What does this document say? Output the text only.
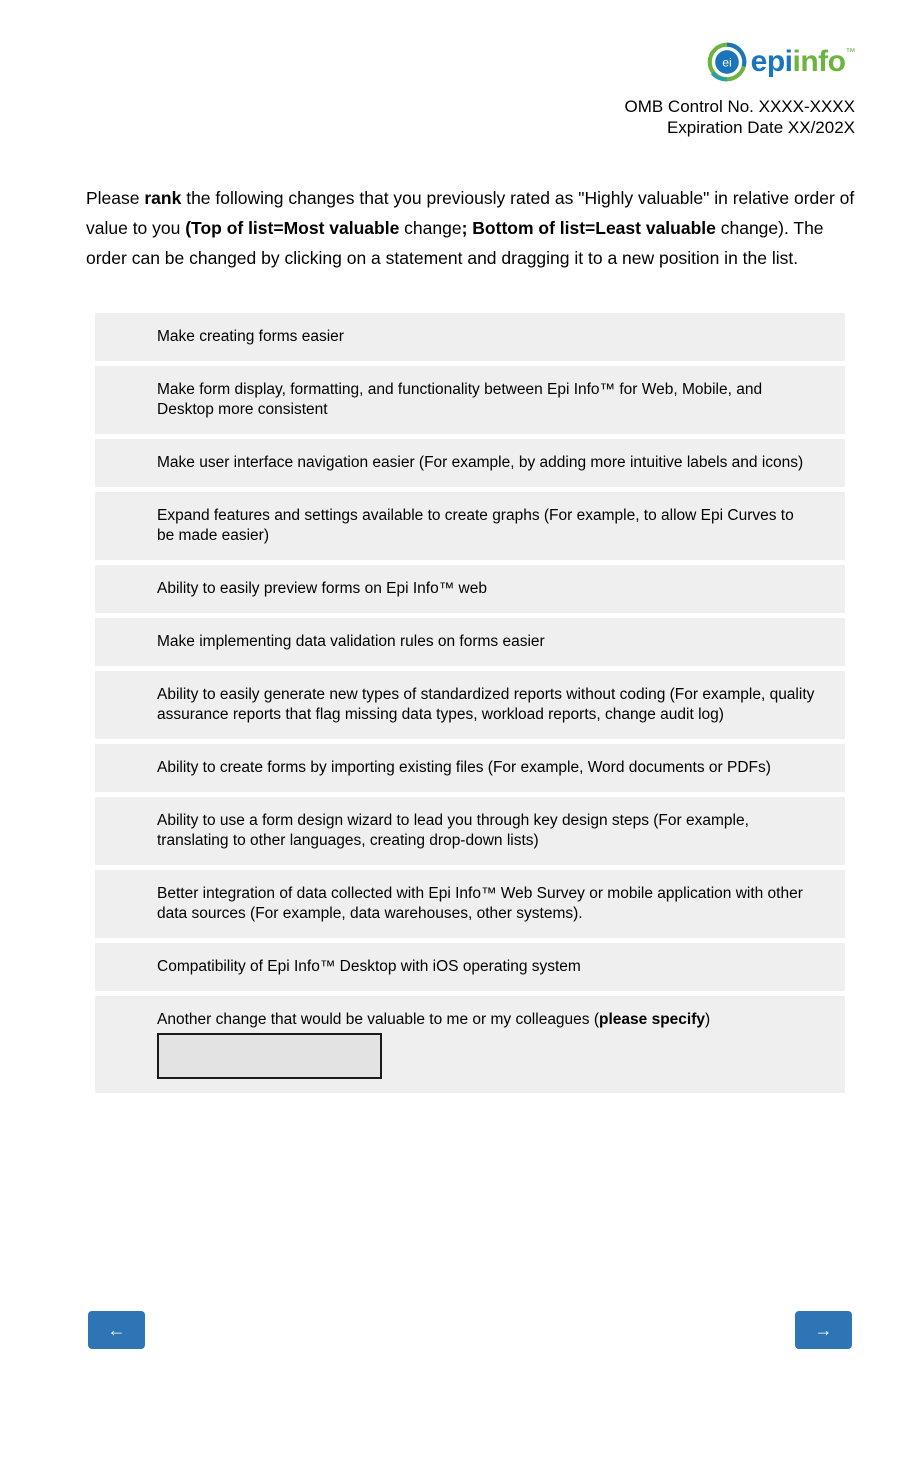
ei epi info ™
OMB Control No. XXXX-XXXX
Expiration Date XX/202X

Please rank the following changes that you previously rated as "Highly valuable" in relative order of value to you (Top of list=Most valuable change; Bottom of list=Least valuable change). The order can be changed by clicking on a statement and dragging it to a new position in the list.

Make creating forms easier
Make form display, formatting, and functionality between Epi Info™ for Web, Mobile, and Desktop more consistent
Make user interface navigation easier (For example, by adding more intuitive labels and icons)
Expand features and settings available to create graphs (For example, to allow Epi Curves to be made easier)
Ability to easily preview forms on Epi Info™ web
Make implementing data validation rules on forms easier
Ability to easily generate new types of standardized reports without coding (For example, quality assurance reports that flag missing data types, workload reports, change audit log)
Ability to create forms by importing existing files (For example, Word documents or PDFs)
Ability to use a form design wizard to lead you through key design steps (For example, translating to other languages, creating drop-down lists)
Better integration of data collected with Epi Info™ Web Survey or mobile application with other data sources (For example, data warehouses, other systems).
Compatibility of Epi Info™ Desktop with iOS operating system
Another change that would be valuable to me or my colleagues (please specify)
←	→
